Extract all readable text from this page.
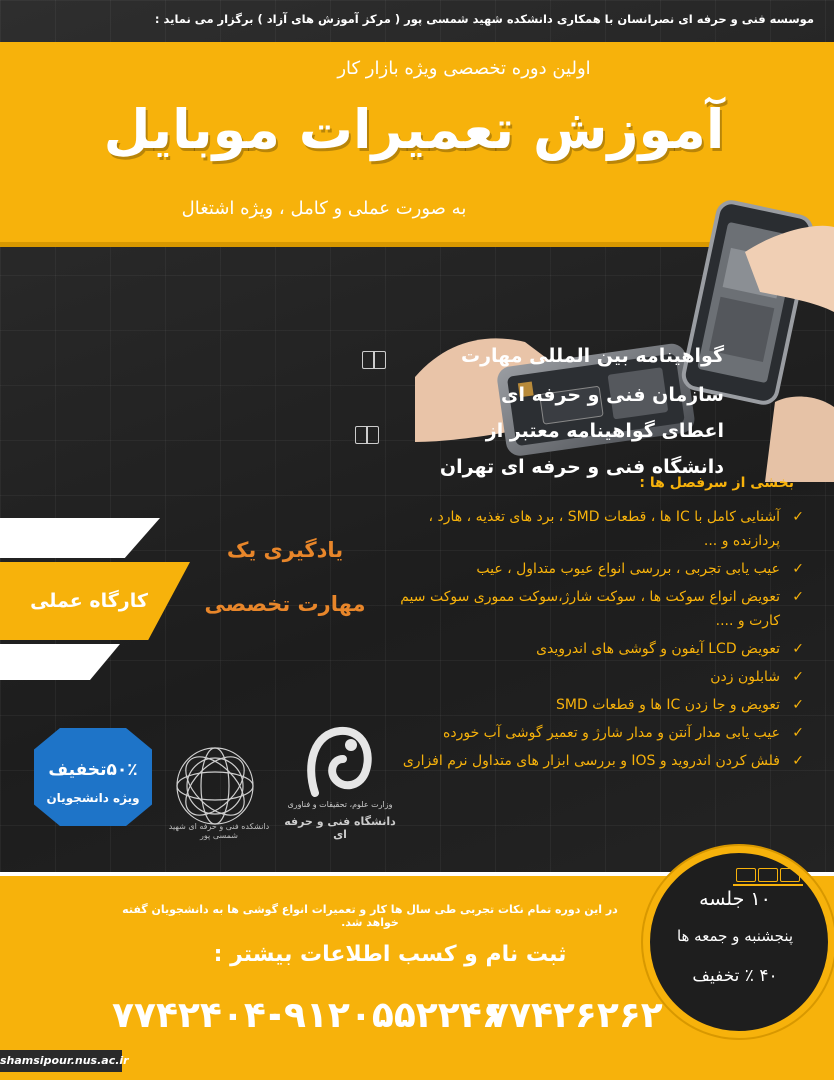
موسسه فنی و حرفه ای نصرانسان با همکاری دانشکده شهید شمسی پور ( مرکز آموزش های آزاد ) برگزار می نماید :
اولین دوره تخصصی ویژه بازار کار
آموزش تعمیرات موبایل
به صورت عملی و کامل ، ویژه اشتغال
گواهینامه بین المللی مهارت
سازمان فنی و حرفه ای
اعطای گواهینامه معتبر از
دانشگاه فنی و حرفه ای تهران
بخشی از سرفصل ها :
✓
آشنایی کامل با IC ها ، قطعات SMD ، برد های تغذیه ، هارد ، پردازنده و ...
✓
عیب یابی تجربی ، بررسی انواع عیوب متداول ، عیب
✓
تعویض انواع سوکت ها ، سوکت شارژ،سوکت مموری سوکت سیم کارت و ....
✓
تعویض LCD آیفون و گوشی های اندرویدی
✓
شابلون زدن
✓
تعویض و جا زدن IC ها و قطعات SMD
✓
عیب یابی مدار آنتن و مدار شارژ و تعمیر گوشی آب خورده
✓
فلش کردن اندروید و IOS و بررسی ابزار های متداول نرم افزاری
کارگاه عملی
یادگیری یک
مهارت تخصصی
۵۰٪تخفیف
ویژه دانشجویان
دانشکده فنی و حرفه ای شهید شمسی پور
وزارت علوم، تحقیقات و فناوری
دانشگاه فنی و حرفه ای
در این دوره تمام نکات تجربی طی سال ها کار و تعمیرات انواع گوشی ها به دانشجویان گفته خواهد شد.
ثبت نام و کسب اطلاعات بیشتر :
۷۷۴۲۴۰۴۰
۰۹۱۲۰۵۵۲۲۴۶
۷۷۴۲۶۲۶۲
۱۰ جلسه
پنجشنبه و جمعه ها
۴۰ ٪ تخفیف
shamsipour.nus.ac.ir
